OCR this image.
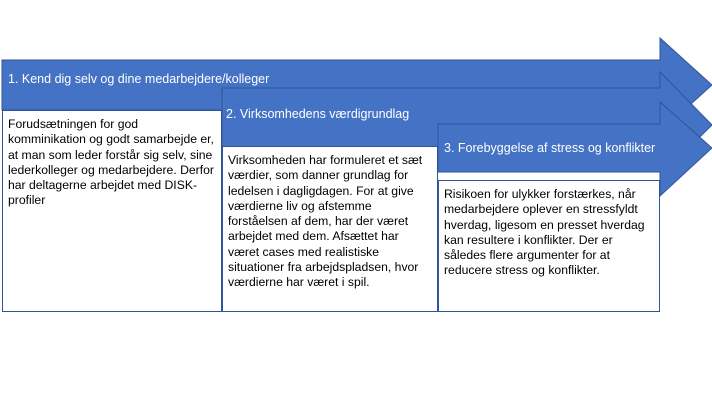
1. Kend dig selv og dine medarbejdere/kolleger
2. Virksomhedens værdigrundlag
3. Forebyggelse af stress og konflikter
Forudsætningen for god komminikation og godt samarbejde er, at man som leder forstår sig selv, sine lederkolleger og medarbejdere. Derfor har deltagerne arbejdet med DISK-profiler
Virksomheden har formuleret et sæt værdier, som danner grundlag for ledelsen i dagligdagen. For at give værdierne liv og afstemme forståelsen af dem, har der været arbejdet med dem. Afsættet har været cases med realistiske situationer fra arbejdspladsen, hvor værdierne har været i spil.
Risikoen for ulykker forstærkes, når medarbejdere oplever en stressfyldt hverdag, ligesom en presset hverdag kan resultere i konflikter. Der er således flere argumenter for at reducere stress og konflikter.
